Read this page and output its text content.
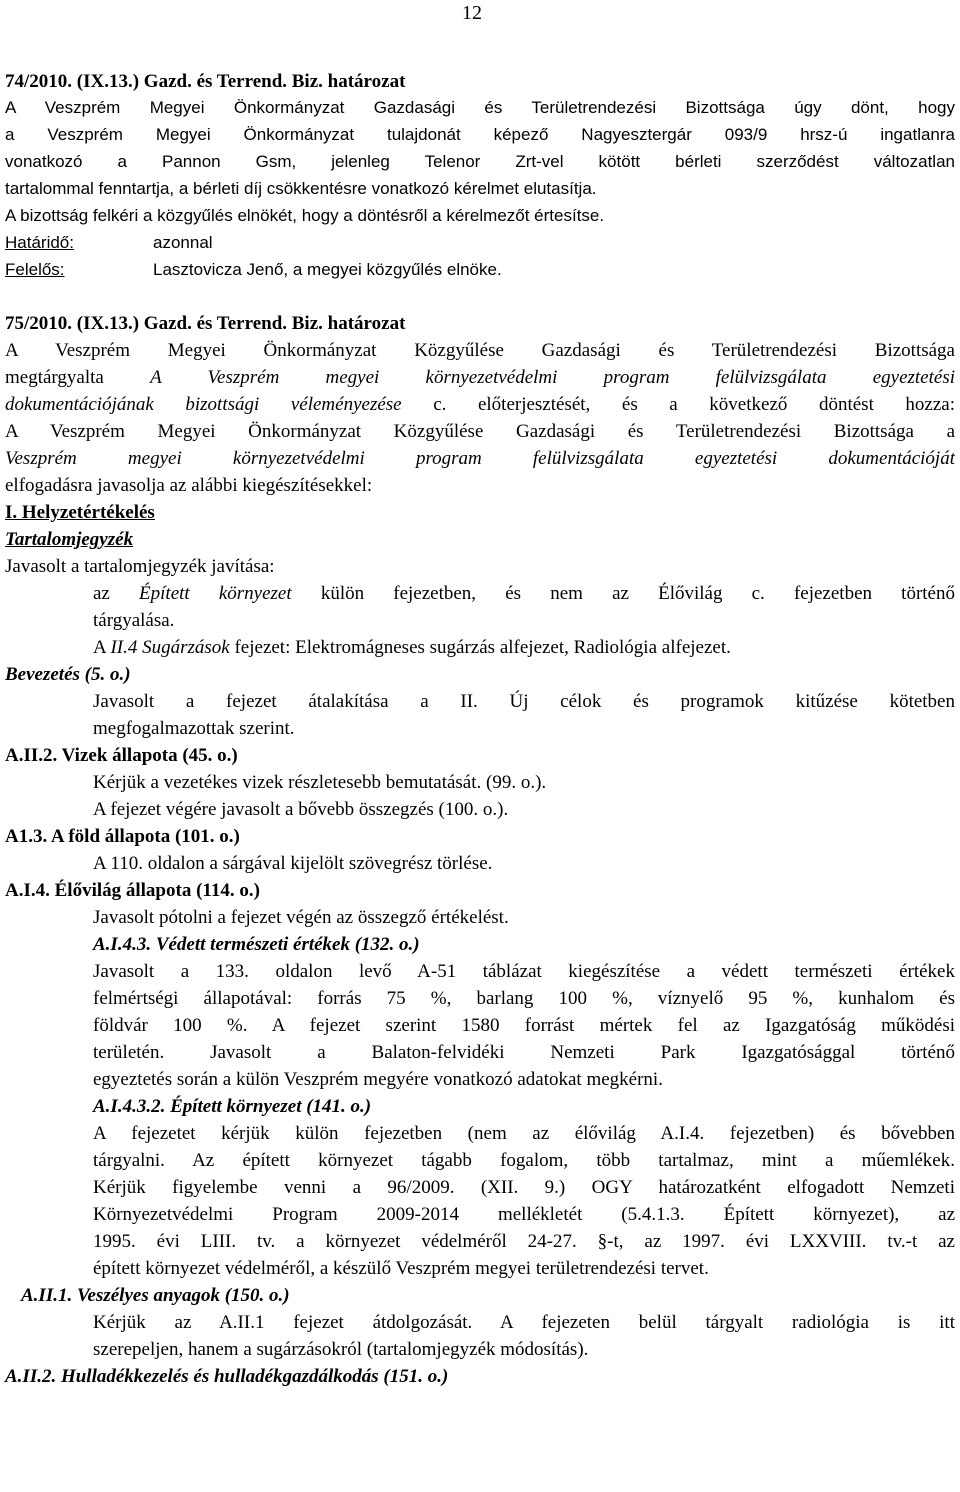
12
74/2010. (IX.13.) Gazd. és Terrend. Biz. határozat
A Veszprém Megyei Önkormányzat Gazdasági és Területrendezési Bizottsága úgy dönt, hogy
a Veszprém Megyei Önkormányzat tulajdonát képező Nagyesztergár 093/9 hrsz-ú ingatlanra
vonatkozó a Pannon Gsm, jelenleg Telenor Zrt-vel kötött bérleti szerződést változatlan
tartalommal fenntartja, a bérleti díj csökkentésre vonatkozó kérelmet elutasítja.
A bizottság felkéri a közgyűlés elnökét, hogy a döntésről a kérelmezőt értesítse.
Határidő:	azonnal
Felelős:	Lasztovicza Jenő, a megyei közgyűlés elnöke.
75/2010. (IX.13.) Gazd. és Terrend. Biz. határozat
A Veszprém Megyei Önkormányzat Közgyűlése Gazdasági és Területrendezési Bizottsága
megtárgyalta A Veszprém megyei környezetvédelmi program felülvizsgálata egyeztetési
dokumentációjának bizottsági véleményezése c. előterjesztését, és a következő döntést hozza:
A Veszprém Megyei Önkormányzat Közgyűlése Gazdasági és Területrendezési Bizottsága a
Veszprém megyei környezetvédelmi program felülvizsgálata egyeztetési dokumentációját
elfogadásra javasolja az alábbi kiegészítésekkel:
I. Helyzetértékelés
Tartalomjegyzék
Javasolt a tartalomjegyzék javítása:
az Épített környezet külön fejezetben, és nem az Élővilág c. fejezetben történő
tárgyalása.
A II.4 Sugárzások fejezet: Elektromágneses sugárzás alfejezet, Radiológia alfejezet.
Bevezetés (5. o.)
Javasolt a fejezet átalakítása a II. Új célok és programok kitűzése kötetben
megfogalmazottak szerint.
A.II.2. Vizek állapota (45. o.)
Kérjük a vezetékes vizek részletesebb bemutatását. (99. o.).
A fejezet végére javasolt a bővebb összegzés (100. o.).
A1.3. A föld állapota (101. o.)
A 110. oldalon a sárgával kijelölt szövegrész törlése.
A.I.4. Élővilág állapota (114. o.)
Javasolt pótolni a fejezet végén az összegző értékelést.
A.I.4.3. Védett természeti értékek (132. o.)
Javasolt a 133. oldalon levő A-51 táblázat kiegészítése a védett természeti értékek
felmértségi állapotával: forrás 75 %, barlang 100 %, víznyelő 95 %, kunhalom és
földvár 100 %. A fejezet szerint 1580 forrást mértek fel az Igazgatóság működési
területén. Javasolt a Balaton-felvidéki Nemzeti Park Igazgatósággal történő
egyeztetés során a külön Veszprém megyére vonatkozó adatokat megkérni.
A.I.4.3.2. Épített környezet (141. o.)
A fejezetet kérjük külön fejezetben (nem az élővilág A.I.4. fejezetben) és bővebben
tárgyalni. Az épített környezet tágabb fogalom, több tartalmaz, mint a műemlékek.
Kérjük figyelembe venni a 96/2009. (XII. 9.) OGY határozatként elfogadott Nemzeti
Környezetvédelmi Program 2009-2014 mellékletét (5.4.1.3. Épített környezet), az
1995. évi LIII. tv. a környezet védelméről 24-27. §-t, az 1997. évi LXXVIII. tv.-t az
épített környezet védelméről, a készülő Veszprém megyei területrendezési tervet.
A.II.1. Veszélyes anyagok (150. o.)
Kérjük az A.II.1 fejezet átdolgozását. A fejezeten belül tárgyalt radiológia is itt
szerepeljen, hanem a sugárzásokról (tartalomjegyzék módosítás).
A.II.2. Hulladékkezelés és hulladékgazdálkodás (151. o.)
